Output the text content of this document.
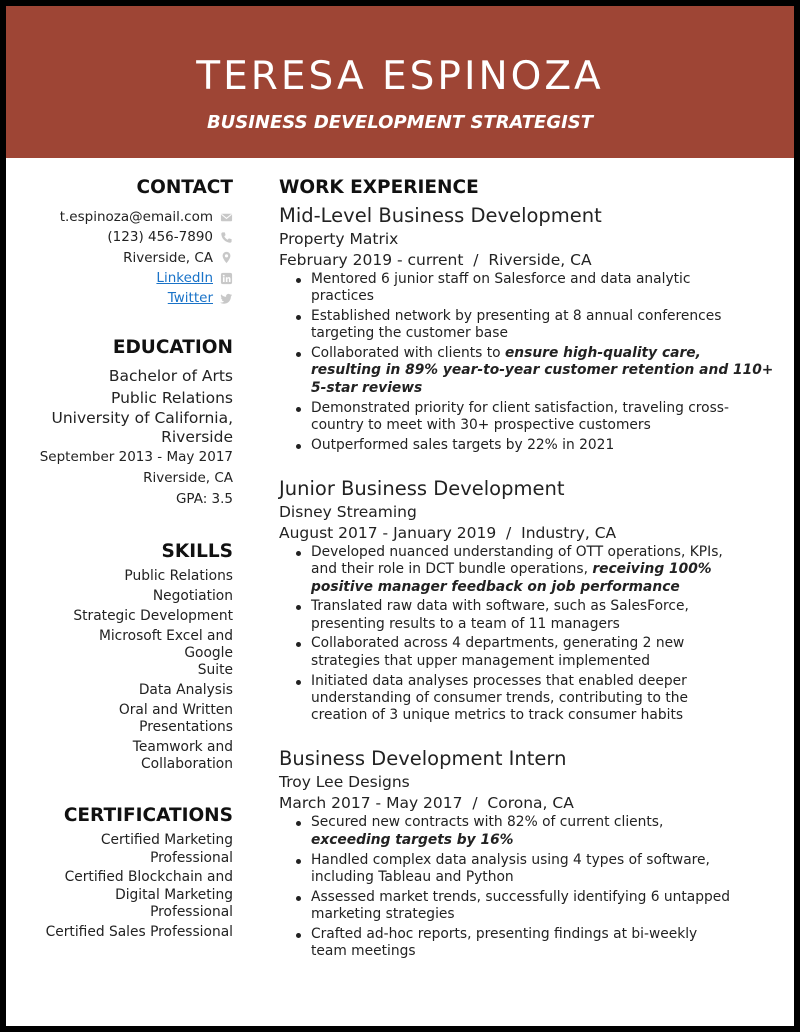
TERESA ESPINOZA
BUSINESS DEVELOPMENT STRATEGIST
CONTACT
t.espinoza@email.com
(123) 456-7890
Riverside, CA
LinkedIn
Twitter
EDUCATION
Bachelor of Arts
Public Relations
University of California,
Riverside
September 2013 - May 2017
Riverside, CA
GPA: 3.5
SKILLS
Public Relations
Negotiation
Strategic Development
Microsoft Excel and
Google
Suite
Data Analysis
Oral and Written
Presentations
Teamwork and
Collaboration
CERTIFICATIONS
Certified Marketing
Professional
Certified Blockchain and
Digital Marketing
Professional
Certified Sales Professional
WORK EXPERIENCE
Mid-Level Business Development
Property Matrix
February 2019 - current  /  Riverside, CA
Mentored 6 junior staff on Salesforce and data analytic
practices
Established network by presenting at 8 annual conferences
targeting the customer base
Collaborated with clients to ensure high-quality care,
resulting in 89% year-to-year customer retention and 110+
5-star reviews
Demonstrated priority for client satisfaction, traveling cross-
country to meet with 30+ prospective customers
Outperformed sales targets by 22% in 2021
Junior Business Development
Disney Streaming
August 2017 - January 2019  /  Industry, CA
Developed nuanced understanding of OTT operations, KPIs,
and their role in DCT bundle operations, receiving 100%
positive manager feedback on job performance
Translated raw data with software, such as SalesForce,
presenting results to a team of 11 managers
Collaborated across 4 departments, generating 2 new
strategies that upper management implemented
Initiated data analyses processes that enabled deeper
understanding of consumer trends, contributing to the
creation of 3 unique metrics to track consumer habits
Business Development Intern
Troy Lee Designs
March 2017 - May 2017  /  Corona, CA
Secured new contracts with 82% of current clients,
exceeding targets by 16%
Handled complex data analysis using 4 types of software,
including Tableau and Python
Assessed market trends, successfully identifying 6 untapped
marketing strategies
Crafted ad-hoc reports, presenting findings at bi-weekly
team meetings
